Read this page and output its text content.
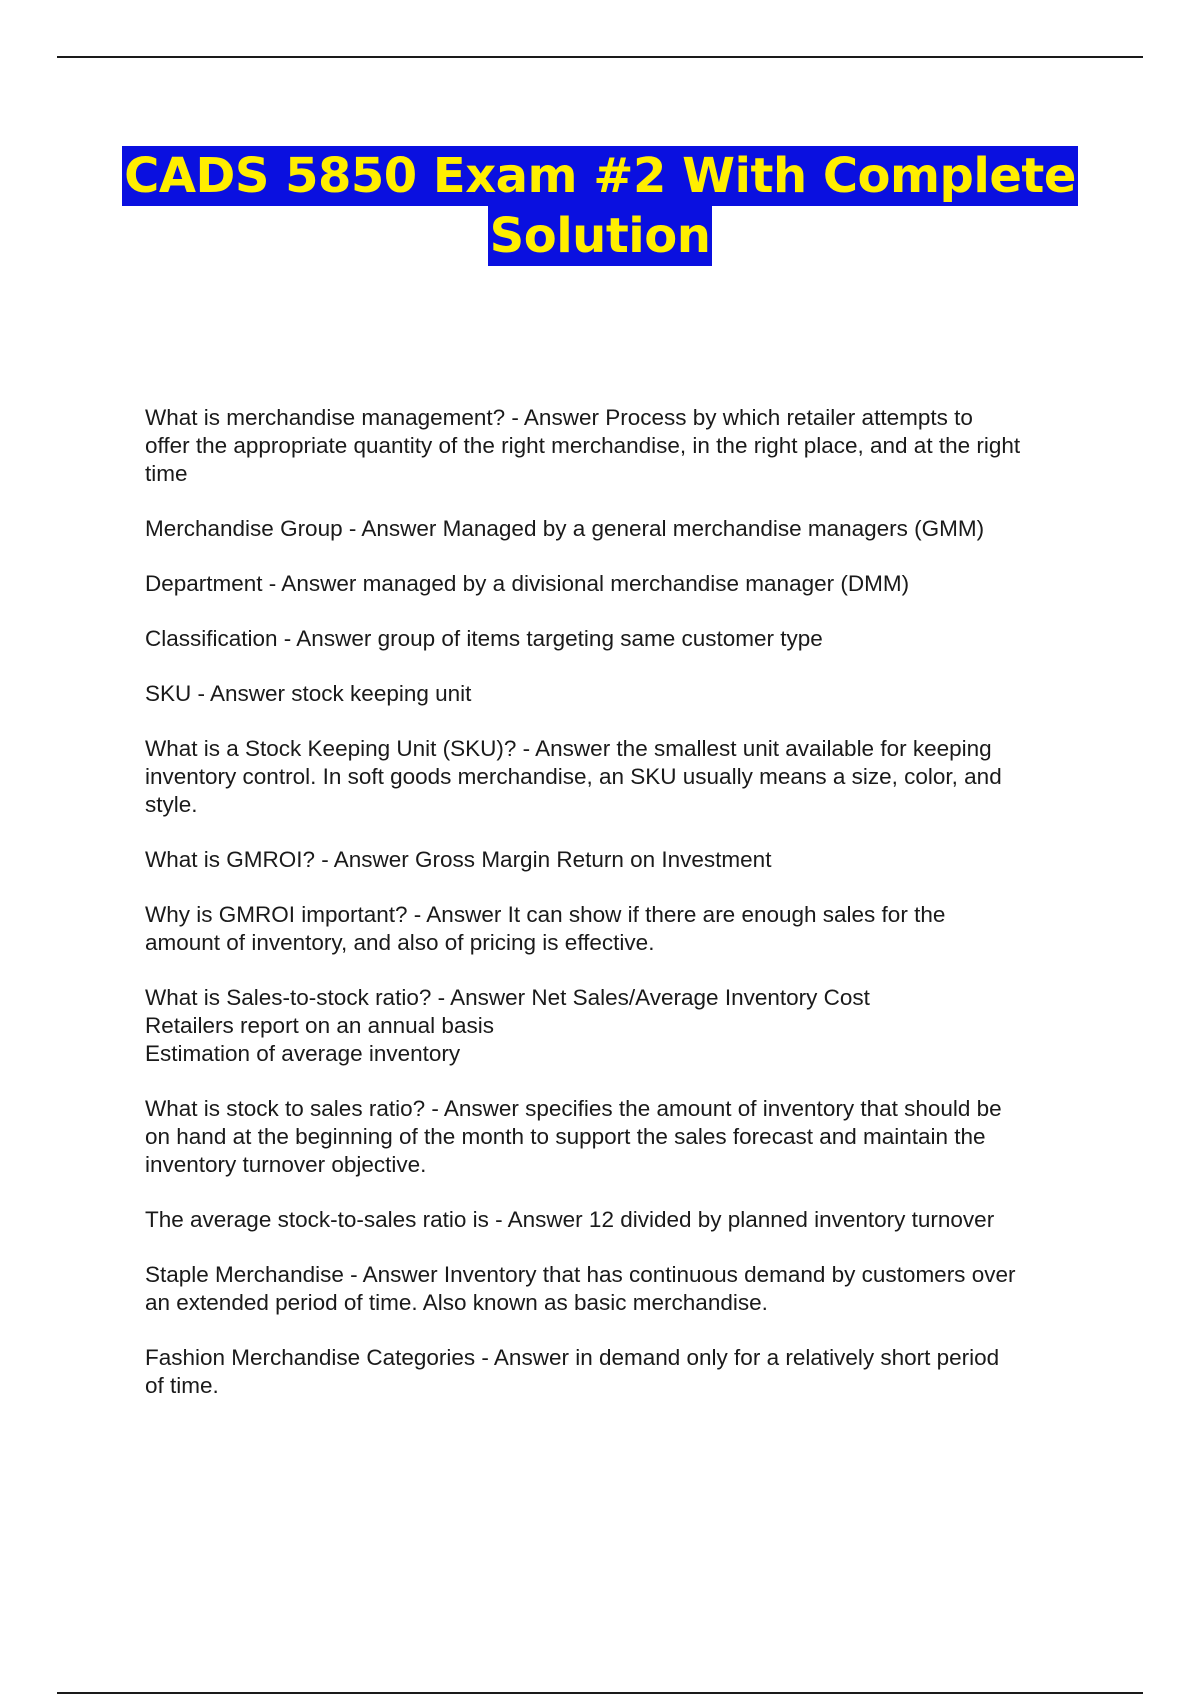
CADS 5850 Exam #2 With Complete
Solution

What is merchandise management? - Answer Process by which retailer attempts to
offer the appropriate quantity of the right merchandise, in the right place, and at the right
time

Merchandise Group - Answer Managed by a general merchandise managers (GMM)

Department - Answer managed by a divisional merchandise manager (DMM)

Classification - Answer group of items targeting same customer type

SKU - Answer stock keeping unit

What is a Stock Keeping Unit (SKU)? - Answer the smallest unit available for keeping
inventory control. In soft goods merchandise, an SKU usually means a size, color, and
style.

What is GMROI? - Answer Gross Margin Return on Investment

Why is GMROI important? - Answer It can show if there are enough sales for the
amount of inventory, and also of pricing is effective.

What is Sales-to-stock ratio? - Answer Net Sales/Average Inventory Cost
Retailers report on an annual basis
Estimation of average inventory

What is stock to sales ratio? - Answer specifies the amount of inventory that should be
on hand at the beginning of the month to support the sales forecast and maintain the
inventory turnover objective.

The average stock-to-sales ratio is - Answer 12 divided by planned inventory turnover

Staple Merchandise - Answer Inventory that has continuous demand by customers over
an extended period of time. Also known as basic merchandise.

Fashion Merchandise Categories - Answer in demand only for a relatively short period
of time.
